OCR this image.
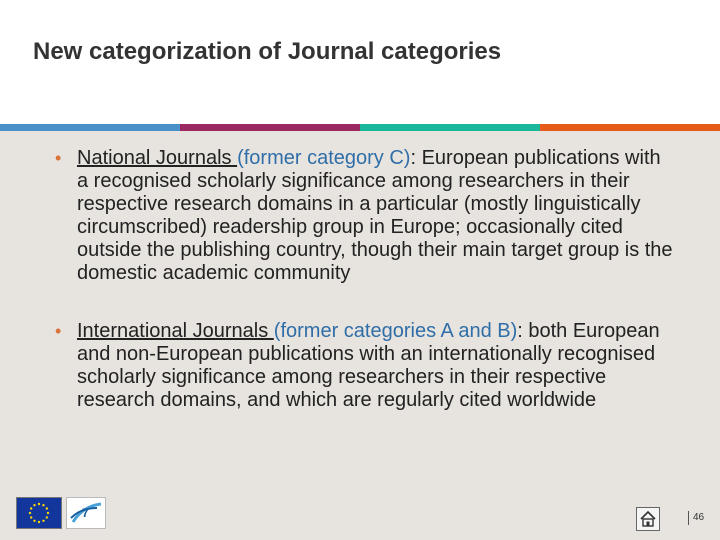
New categorization of Journal categories
• National Journals (former category C): European publications with a recognised scholarly significance among researchers in their respective research domains in a particular (mostly linguistically circumscribed) readership group in Europe; occasionally cited outside the publishing country, though their main target group is the domestic academic community
• International Journals (former categories A and B): both European and non-European publications with an internationally recognised scholarly significance among researchers in their respective research domains, and which are regularly cited worldwide
7	46
